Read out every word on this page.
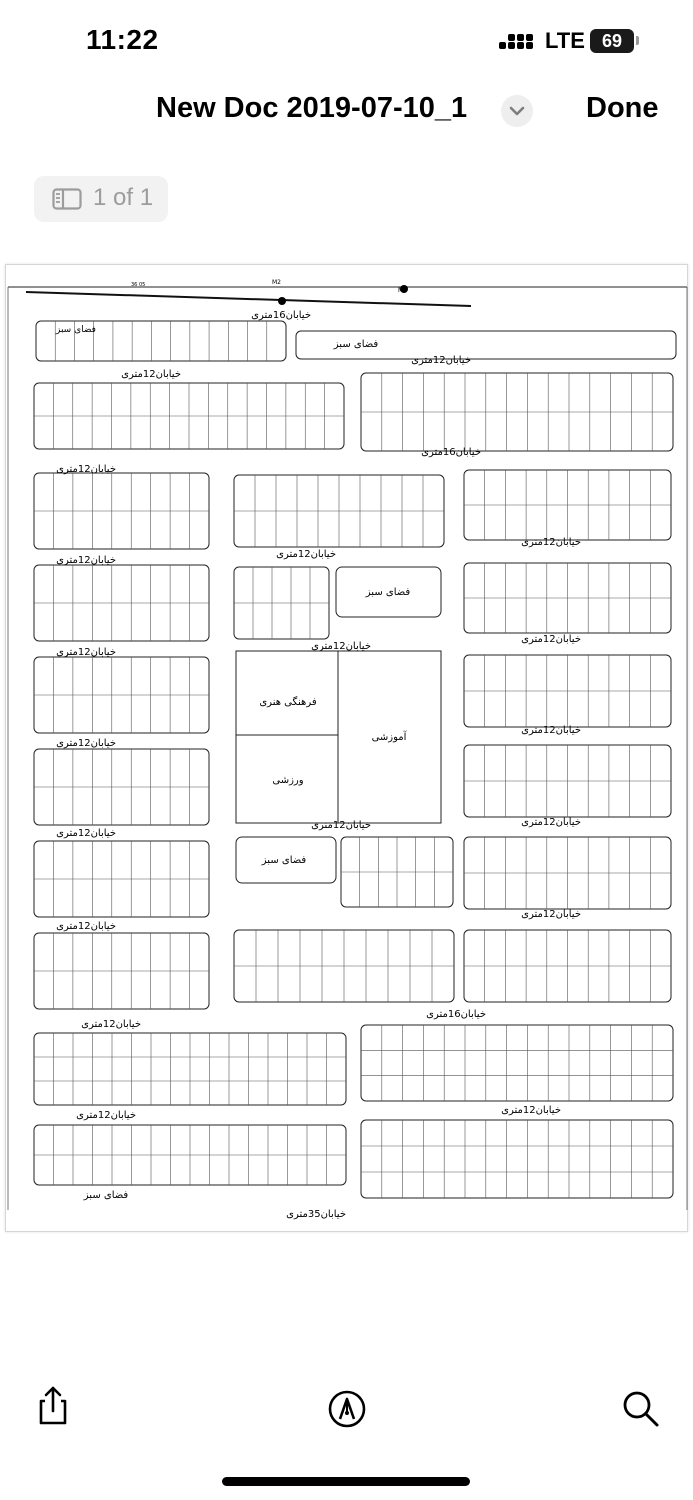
11:22	LTE 69
New Doc 2019-07-10_1	Done
1 of 1
36 05	M2
M1
خیابان16متری
خیابان12متری
خیابان12متری
خیابان16متری
خیابان12متری
خیابان12متری
خیابان12متری
خیابان12متری
خیابان12متری
خیابان12متری
خیابان12متری
خیابان12متری
خیابان12متری
خیابان12متری
خیابان12متری
خیابان12متری
خیابان12متری
خیابان12متری
خیابان16متری
خیابان12متری
خیابان12متری
خیابان12متری
خیابان35متری
فرهنگی هنری
آموزشی
ورزشی
فضای سبز
فضای سبز
فضای سبز
فضای سبز
فضای سبز
